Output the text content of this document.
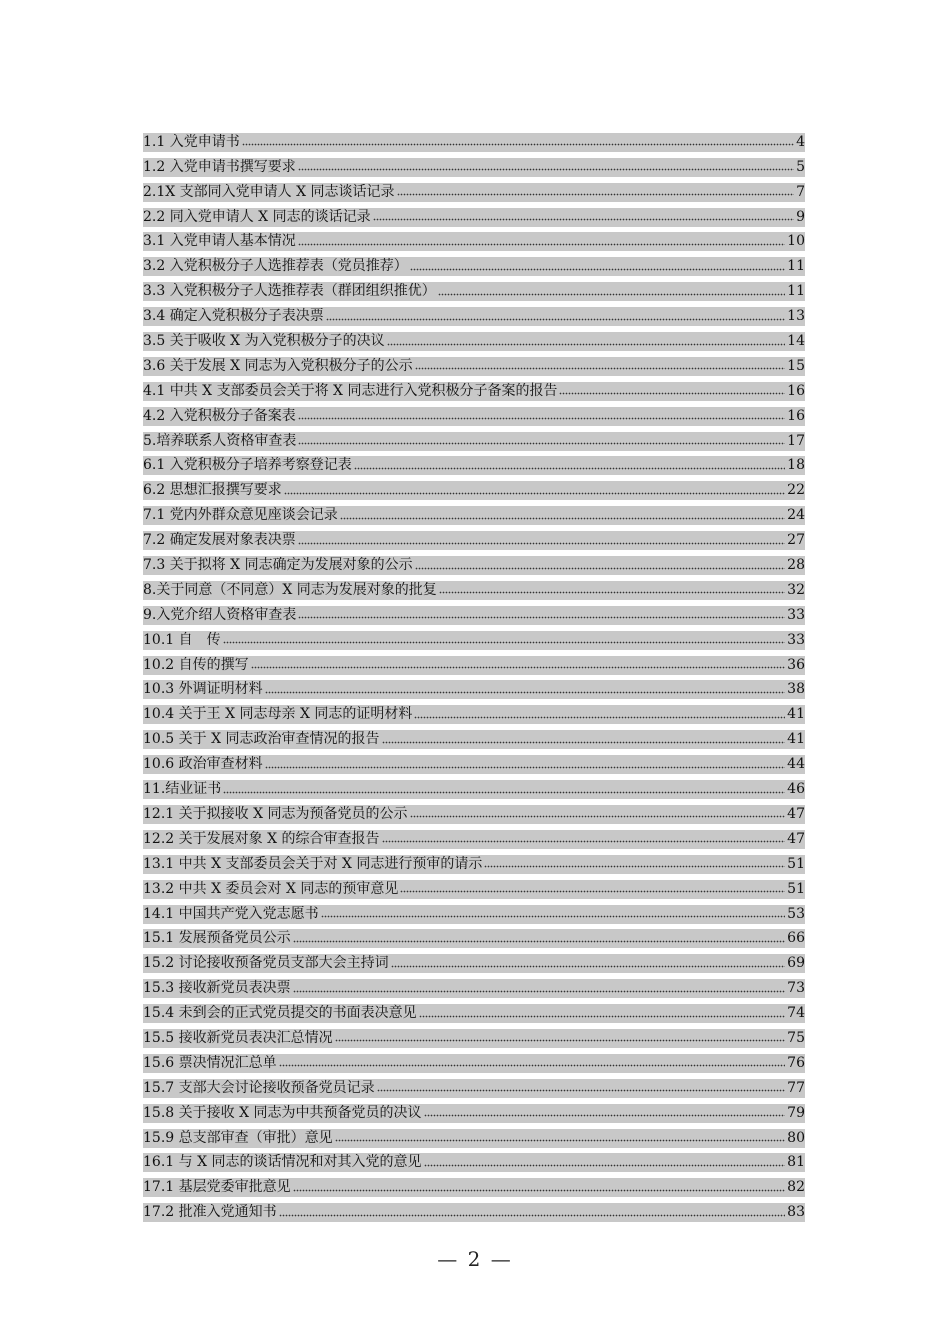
1.1 入党申请书	4
1.2 入党申请书撰写要求	5
2.1X 支部同入党申请人 X 同志谈话记录	7
2.2 同入党申请人 X 同志的谈话记录	9
3.1 入党申请人基本情况	10
3.2 入党积极分子人选推荐表（党员推荐）	11
3.3 入党积极分子人选推荐表（群团组织推优）	11
3.4 确定入党积极分子表决票	13
3.5 关于吸收 X 为入党积极分子的决议	14
3.6 关于发展 X 同志为入党积极分子的公示	15
4.1 中共 X 支部委员会关于将 X 同志进行入党积极分子备案的报告	16
4.2 入党积极分子备案表	16
5.培养联系人资格审查表	17
6.1 入党积极分子培养考察登记表	18
6.2 思想汇报撰写要求	22
7.1 党内外群众意见座谈会记录	24
7.2 确定发展对象表决票	27
7.3 关于拟将 X 同志确定为发展对象的公示	28
8.关于同意（不同意）X 同志为发展对象的批复	32
9.入党介绍人资格审查表	33
10.1 自　传	33
10.2 自传的撰写	36
10.3 外调证明材料	38
10.4 关于王 X 同志母亲 X 同志的证明材料	41
10.5 关于 X 同志政治审查情况的报告	41
10.6 政治审查材料	44
11.结业证书	46
12.1 关于拟接收 X 同志为预备党员的公示	47
12.2 关于发展对象 X 的综合审查报告	47
13.1 中共 X 支部委员会关于对 X 同志进行预审的请示	51
13.2 中共 X 委员会对 X 同志的预审意见	51
14.1 中国共产党入党志愿书	53
15.1 发展预备党员公示	66
15.2 讨论接收预备党员支部大会主持词	69
15.3 接收新党员表决票	73
15.4 未到会的正式党员提交的书面表决意见	74
15.5 接收新党员表决汇总情况	75
15.6 票决情况汇总单	76
15.7 支部大会讨论接收预备党员记录	77
15.8 关于接收 X 同志为中共预备党员的决议	79
15.9 总支部审查（审批）意见	80
16.1 与 X 同志的谈话情况和对其入党的意见	81
17.1 基层党委审批意见	82
17.2 批准入党通知书	83
— 2 —
